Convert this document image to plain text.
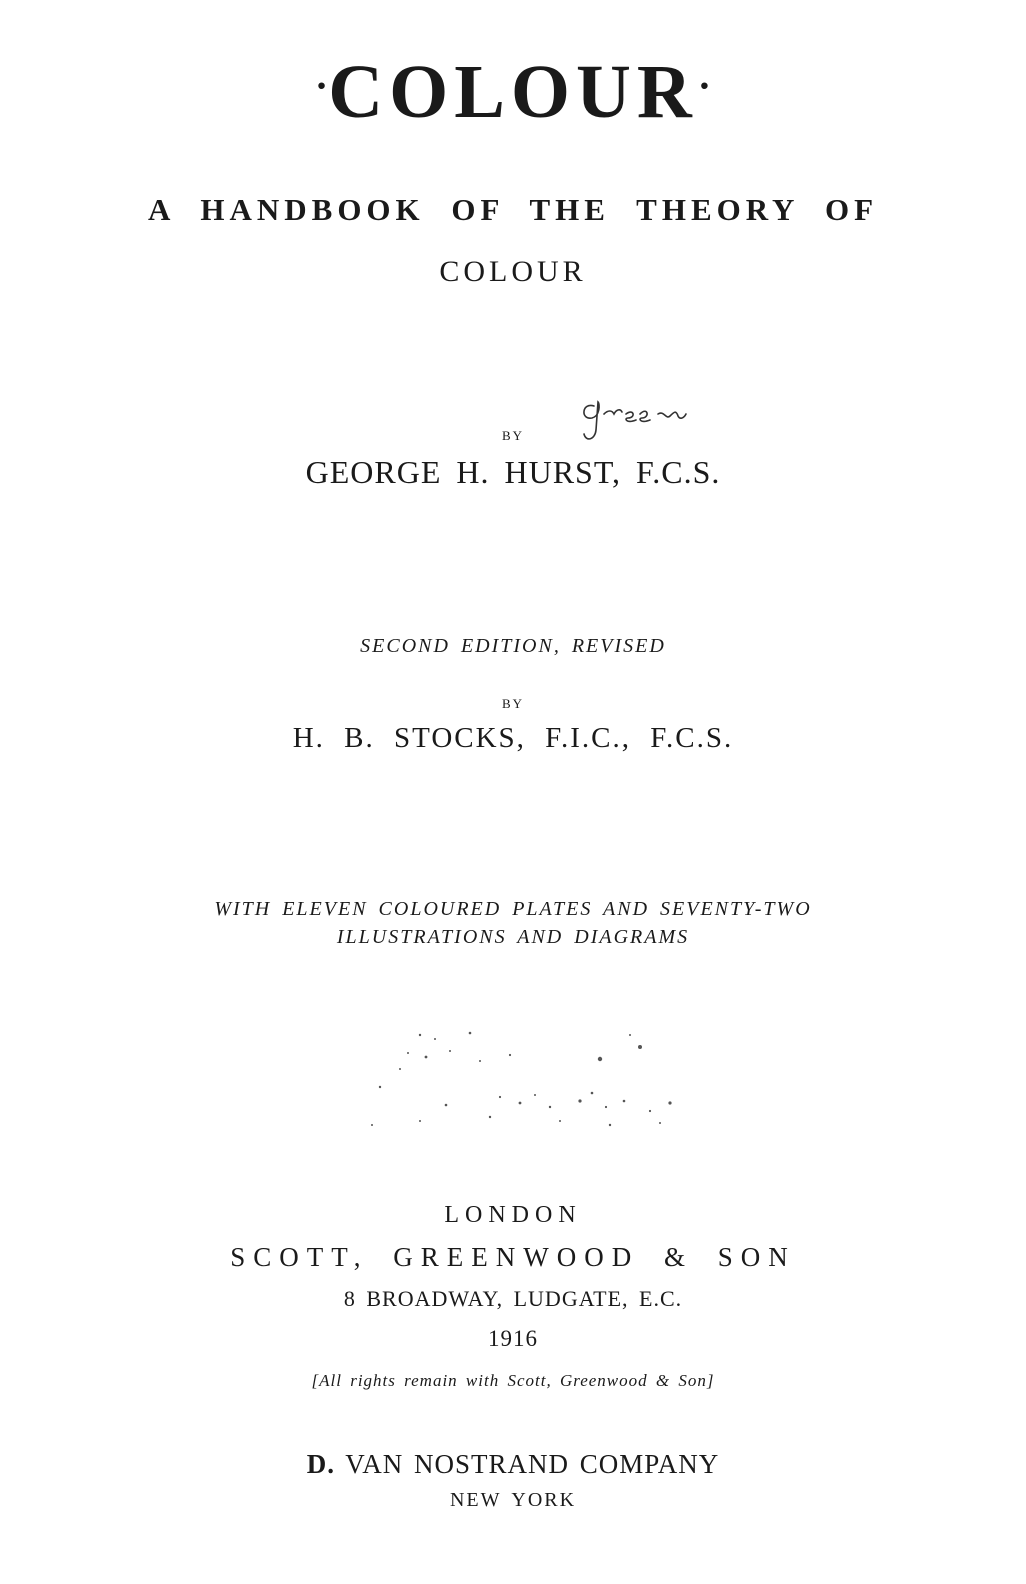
·COLOUR·

A HANDBOOK OF THE THEORY OF

COLOUR

BY

GEORGE H. HURST, F.C.S.

SECOND EDITION, REVISED

BY

H. B. STOCKS, F.I.C., F.C.S.

WITH ELEVEN COLOURED PLATES AND SEVENTY-TWO

ILLUSTRATIONS AND DIAGRAMS

LONDON

SCOTT, GREENWOOD & SON

8 BROADWAY, LUDGATE, E.C.

1916

[All rights remain with Scott, Greenwood & Son]

D. VAN NOSTRAND COMPANY

NEW YORK
